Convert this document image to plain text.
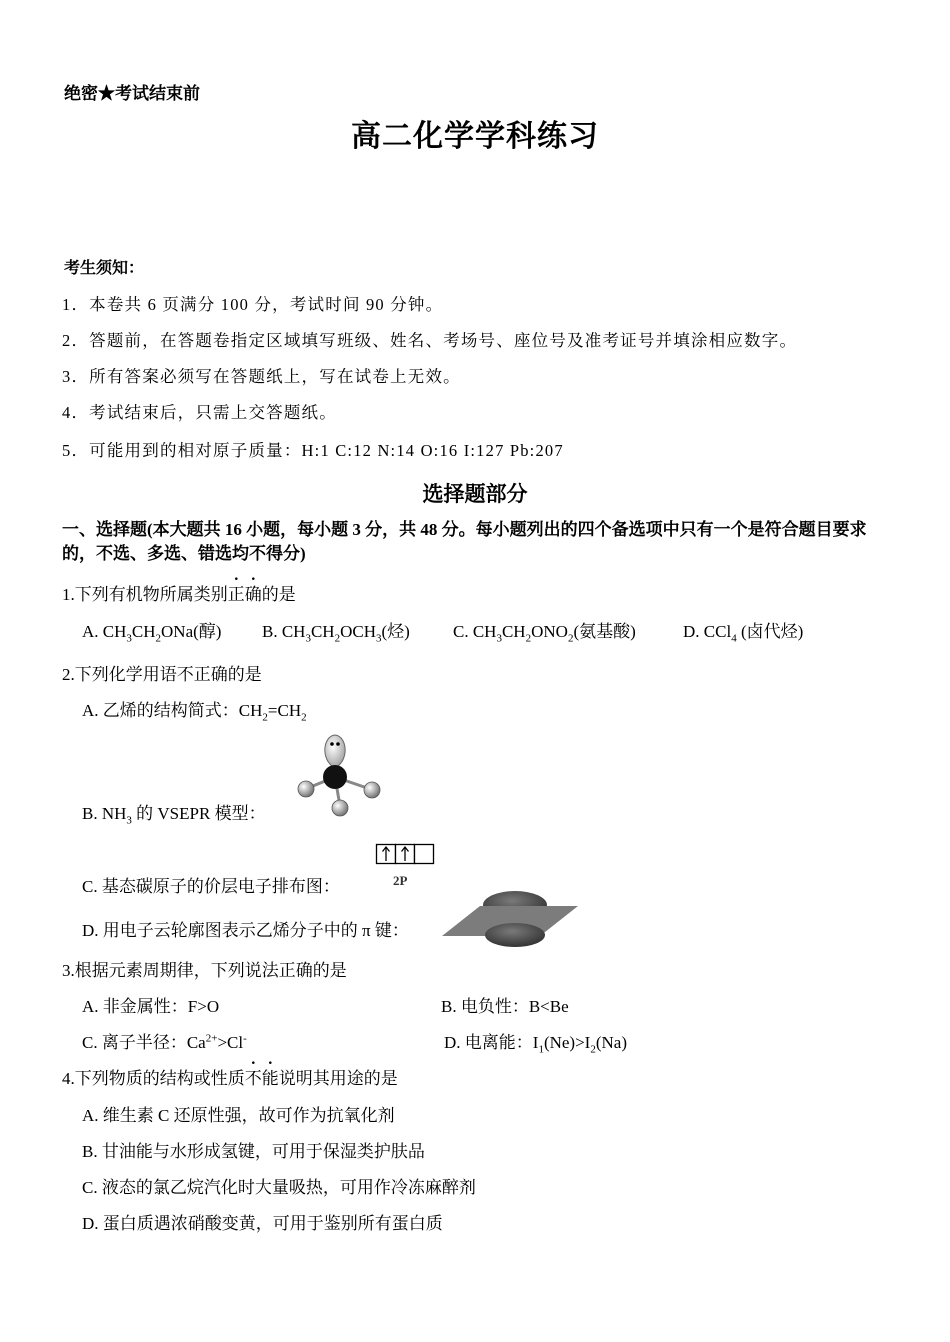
绝密★考试结束前
高二化学学科练习
考生须知：
1．本卷共 6 页满分 100 分，考试时间 90 分钟。
2．答题前，在答题卷指定区域填写班级、姓名、考场号、座位号及准考证号并填涂相应数字。
3．所有答案必须写在答题纸上，写在试卷上无效。
4．考试结束后，只需上交答题纸。
5．可能用到的相对原子质量：H:1 C:12 N:14 O:16 I:127 Pb:207
选择题部分
一、选择题(本大题共 16 小题，每小题 3 分，共 48 分。每小题列出的四个备选项中只有一个是符合题目要求的，不选、多选、错选均不得分)
1.下列有机物所属类别正确的是
A. $CH_3CH_2ONa$(醇) B. $CH_3CH_2OCH_3$(烃)	C. $CH_3CH_2ONO_2$(氨基酸)	D. CCl$_4$ (卤代烃)
2.下列化学用语不正确的是
A. 乙烯的结构简式：$CH_2=CH_2$
B. $NH_3$ 的 VSEPR 模型：
C. 基态碳原子的价层电子排布图：	2P
D. 用电子云轮廓图表示乙烯分子中的 π 键：
3.根据元素周期律，下列说法正确的是
A. 非金属性：F>O	B. 电负性：B<Be
C. 离子半径：$Ca^{2+}>Cl^-$	D. 电离能：$I_1(Ne)>I_2(Na)$
4.下列物质的结构或性质不能说明其用途的是
A. 维生素 C 还原性强，故可作为抗氧化剂
B. 甘油能与水形成氢键，可用于保湿类护肤品
C. 液态的氯乙烷汽化时大量吸热，可用作冷冻麻醉剂
D. 蛋白质遇浓硝酸变黄，可用于鉴别所有蛋白质
